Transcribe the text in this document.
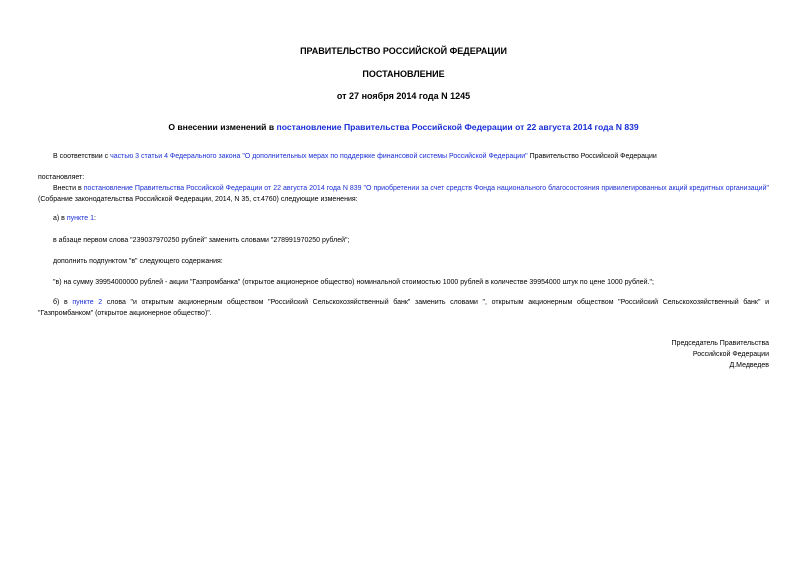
ПРАВИТЕЛЬСТВО РОССИЙСКОЙ ФЕДЕРАЦИИ
ПОСТАНОВЛЕНИЕ
от 27 ноября 2014 года N 1245
О внесении изменений в постановление Правительства Российской Федерации от 22 августа 2014 года N 839
В соответствии с частью 3 статьи 4 Федерального закона "О дополнительных мерах по поддержке финансовой системы Российской Федерации" Правительство Российской Федерации
постановляет:
Внести в постановление Правительства Российской Федерации от 22 августа 2014 года N 839 "О приобретении за счет средств Фонда национального благосостояния привилегированных акций кредитных организаций" (Собрание законодательства Российской Федерации, 2014, N 35, ст.4760) следующие изменения:
а) в пункте 1:
в абзаце первом слова "239037970250 рублей" заменить словами "278991970250 рублей";
дополнить подпунктом "в" следующего содержания:
"в) на сумму 39954000000 рублей - акции "Газпромбанка" (открытое акционерное общество) номинальной стоимостью 1000 рублей в количестве 39954000 штук по цене 1000 рублей.";
б) в пункте 2 слова "и открытым акционерным обществом "Российский Сельскохозяйственный банк" заменить словами ", открытым акционерным обществом "Российский Сельскохозяйственный банк" и "Газпромбанком" (открытое акционерное общество)".
Председатель Правительства
Российской Федерации
Д.Медведев
